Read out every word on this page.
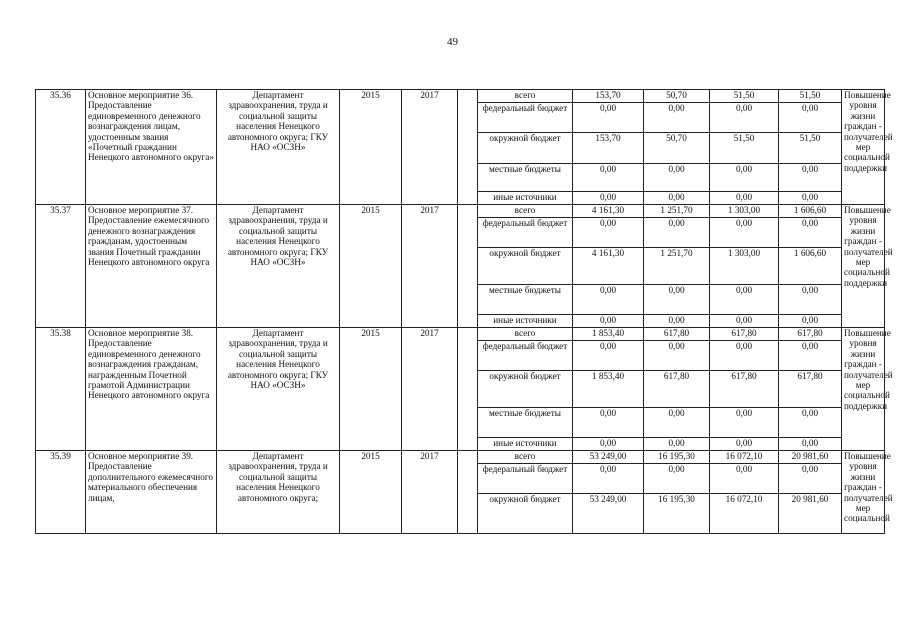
49
35.36	Основное мероприятие 36. Предоставление единовременного денежного вознаграждения лицам, удостоенным звания «Почетный гражданин Ненецкого автономного округа»	Департамент здравоохранения, труда и социальной защиты населения Ненецкого автономного округа; ГКУ НАО «ОСЗН»	2015	2017		всего	153,70	50,70	51,50	51,50	Повышение уровня жизни граждан - получателей мер социальной поддержки
						федеральный бюджет	0,00	0,00	0,00	0,00	
						окружной бюджет	153,70	50,70	51,50	51,50	
						местные бюджеты	0,00	0,00	0,00	0,00	
						иные источники	0,00	0,00	0,00	0,00	
35.37	Основное мероприятие 37. Предоставление ежемесячного денежного вознаграждения гражданам, удостоенным звания Почетный гражданин Ненецкого автономного округа	Департамент здравоохранения, труда и социальной защиты населения Ненецкого автономного округа; ГКУ НАО «ОСЗН»	2015	2017		всего	4 161,30	1 251,70	1 303,00	1 606,60	Повышение уровня жизни граждан - получателей мер социальной поддержки
						федеральный бюджет	0,00	0,00	0,00	0,00	
						окружной бюджет	4 161,30	1 251,70	1 303,00	1 606,60	
						местные бюджеты	0,00	0,00	0,00	0,00	
						иные источники	0,00	0,00	0,00	0,00	
35.38	Основное мероприятие 38. Предоставление единовременного денежного вознаграждения гражданам, награжденным Почетной грамотой Администрации Ненецкого автономного округа	Департамент здравоохранения, труда и социальной защиты населения Ненецкого автономного округа; ГКУ НАО «ОСЗН»	2015	2017		всего	1 853,40	617,80	617,80	617,80	Повышение уровня жизни граждан - получателей мер социальной поддержки
						федеральный бюджет	0,00	0,00	0,00	0,00	
						окружной бюджет	1 853,40	617,80	617,80	617,80	
						местные бюджеты	0,00	0,00	0,00	0,00	
						иные источники	0,00	0,00	0,00	0,00	
35.39	Основное мероприятие 39. Предоставление дополнительного ежемесячного материального обеспечения лицам,	Департамент здравоохранения, труда и социальной защиты населения Ненецкого автономного округа;	2015	2017		всего	53 249,00	16 195,30	16 072,10	20 981,60	Повышение уровня жизни граждан - получателей мер социальной
						федеральный бюджет	0,00	0,00	0,00	0,00	
						окружной бюджет	53 249,00	16 195,30	16 072,10	20 981,60	
